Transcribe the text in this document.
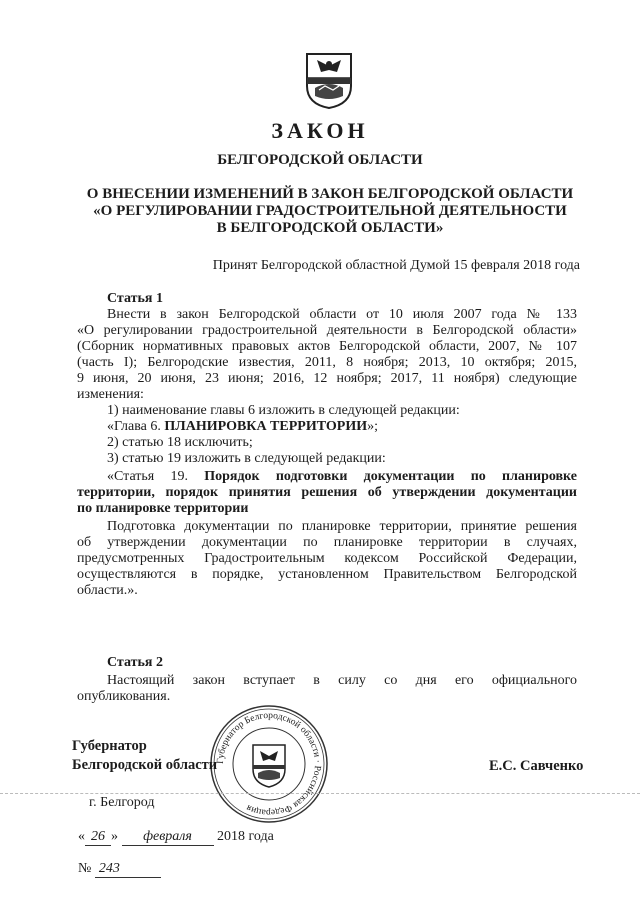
ЗАКОН
БЕЛГОРОДСКОЙ ОБЛАСТИ
О ВНЕСЕНИИ ИЗМЕНЕНИЙ В ЗАКОН БЕЛГОРОДСКОЙ ОБЛАСТИ
«О РЕГУЛИРОВАНИИ ГРАДОСТРОИТЕЛЬНОЙ ДЕЯТЕЛЬНОСТИ
В БЕЛГОРОДСКОЙ ОБЛАСТИ»
Принят Белгородской областной Думой 15 февраля 2018 года
Статья 1
Внести в закон Белгородской области от 10 июля 2007 года № 133
«О регулировании градостроительной деятельности в Белгородской области»
(Сборник нормативных правовых актов Белгородской области, 2007, № 107
(часть I); Белгородские известия, 2011, 8 ноября; 2013, 10 октября; 2015,
9 июня, 20 июня, 23 июня; 2016, 12 ноября; 2017, 11 ноября) следующие
изменения:
1) наименование главы 6 изложить в следующей редакции:
«Глава 6. ПЛАНИРОВКА ТЕРРИТОРИИ»;
2) статью 18 исключить;
3) статью 19 изложить в следующей редакции:
«Статья 19. Порядок подготовки документации по планировке
территории, порядок принятия решения об утверждении документации
по планировке территории
Подготовка документации по планировке территории, принятие решения
об утверждении документации по планировке территории в случаях,
предусмотренных Градостроительным кодексом Российской Федерации,
осуществляются в порядке, установленном Правительством Белгородской
области.».
Статья 2
Настоящий закон вступает в силу со дня его официального
опубликования.
Губернатор Белгородской области · Российская Федерация
Губернатор
Белгородской области	Е.С. Савченко
г. Белгород
« 26 » февраля 2018 года
№ 243
